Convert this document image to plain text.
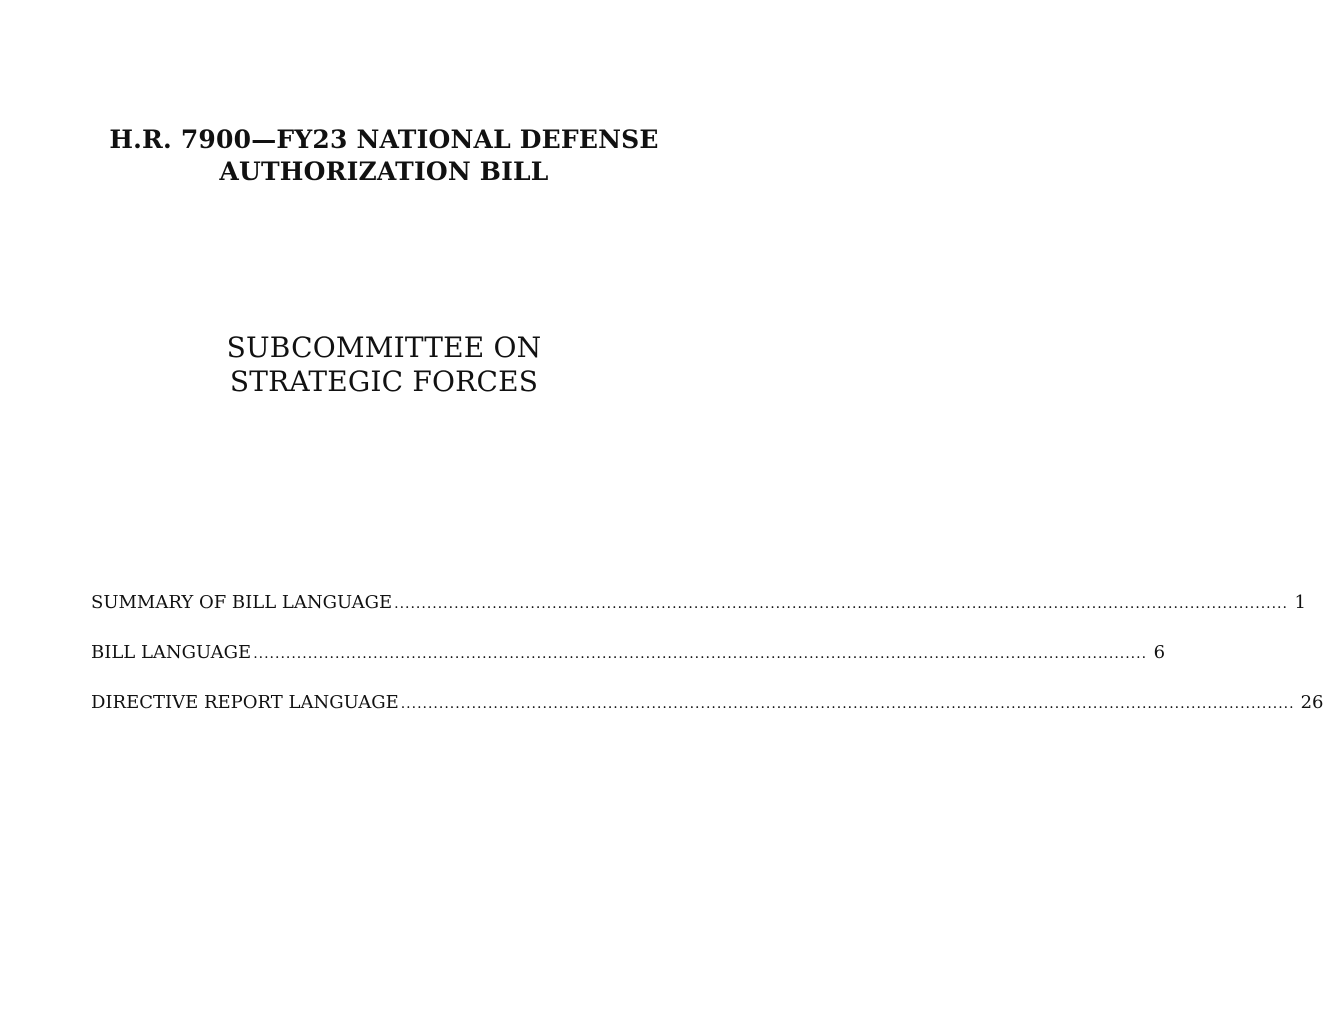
H.R. 7900—FY23 NATIONAL DEFENSE
AUTHORIZATION BILL
SUBCOMMITTEE ON
STRATEGIC FORCES
SUMMARY OF BILL LANGUAGE .................................................................................................................................................................... 1
BILL LANGUAGE .................................................................................................................................................................... 6
DIRECTIVE REPORT LANGUAGE .................................................................................................................................................................... 26
